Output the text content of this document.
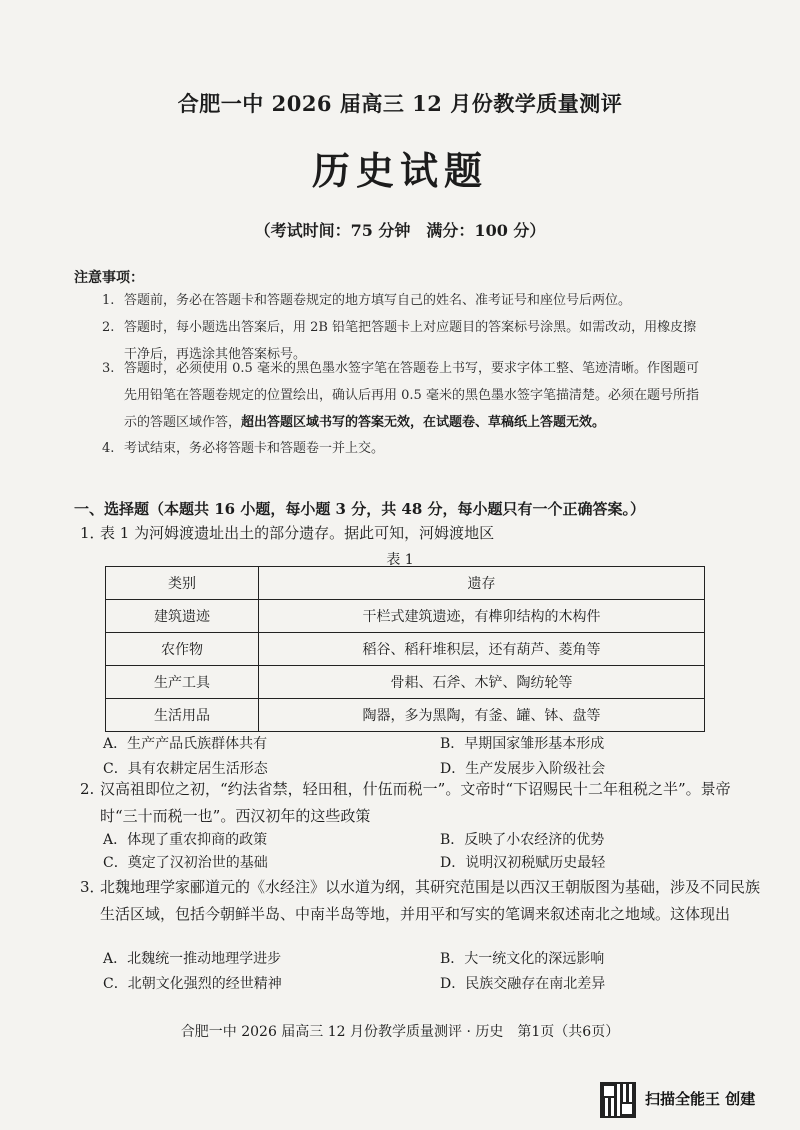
合肥一中 2026 届高三 12 月份教学质量测评
历史试题
（考试时间：75 分钟　满分：100 分）
注意事项：
1. 答题前，务必在答题卡和答题卷规定的地方填写自己的姓名、准考证号和座位号后两位。
2. 答题时，每小题选出答案后，用 2B 铅笔把答题卡上对应题目的答案标号涂黑。如需改动，用橡皮擦干净后，再选涂其他答案标号。
3. 答题时，必须使用 0.5 毫米的黑色墨水签字笔在答题卷上书写，要求字体工整、笔迹清晰。作图题可先用铅笔在答题卷规定的位置绘出，确认后再用 0.5 毫米的黑色墨水签字笔描清楚。必须在题号所指示的答题区域作答，超出答题区域书写的答案无效，在试题卷、草稿纸上答题无效。
4. 考试结束，务必将答题卡和答题卷一并上交。
一、选择题（本题共 16 小题，每小题 3 分，共 48 分，每小题只有一个正确答案。）
1．
表 1 为河姆渡遗址出土的部分遗存。据此可知，河姆渡地区
表 1
类别	遗存
建筑遗迹	干栏式建筑遗迹，有榫卯结构的木构件
农作物	稻谷、稻秆堆积层，还有葫芦、菱角等
生产工具	骨耜、石斧、木铲、陶纺轮等
生活用品	陶器，多为黑陶，有釜、罐、钵、盘等
A．生产产品氏族群体共有	B．早期国家雏形基本形成
C．具有农耕定居生活形态	D．生产发展步入阶级社会
2. 汉高祖即位之初，“约法省禁，轻田租，什伍而税一”。文帝时“下诏赐民十二年租税之半”。景帝时“三十而税一也”。西汉初年的这些政策
A．体现了重农抑商的政策	B．反映了小农经济的优势
C．奠定了汉初治世的基础	D．说明汉初税赋历史最轻
3．
北魏地理学家郦道元的《水经注》以水道为纲，其研究范围是以西汉王朝版图为基础，涉及不同民族生活区域，包括今朝鲜半岛、中南半岛等地，并用平和写实的笔调来叙述南北之地域。这体现出
A．北魏统一推动地理学进步	B．大一统文化的深远影响
C．北朝文化强烈的经世精神	D．民族交融存在南北差异
合肥一中 2026 届高三 12 月份教学质量测评 · 历史　第1页（共6页）
扫描全能王 创建
